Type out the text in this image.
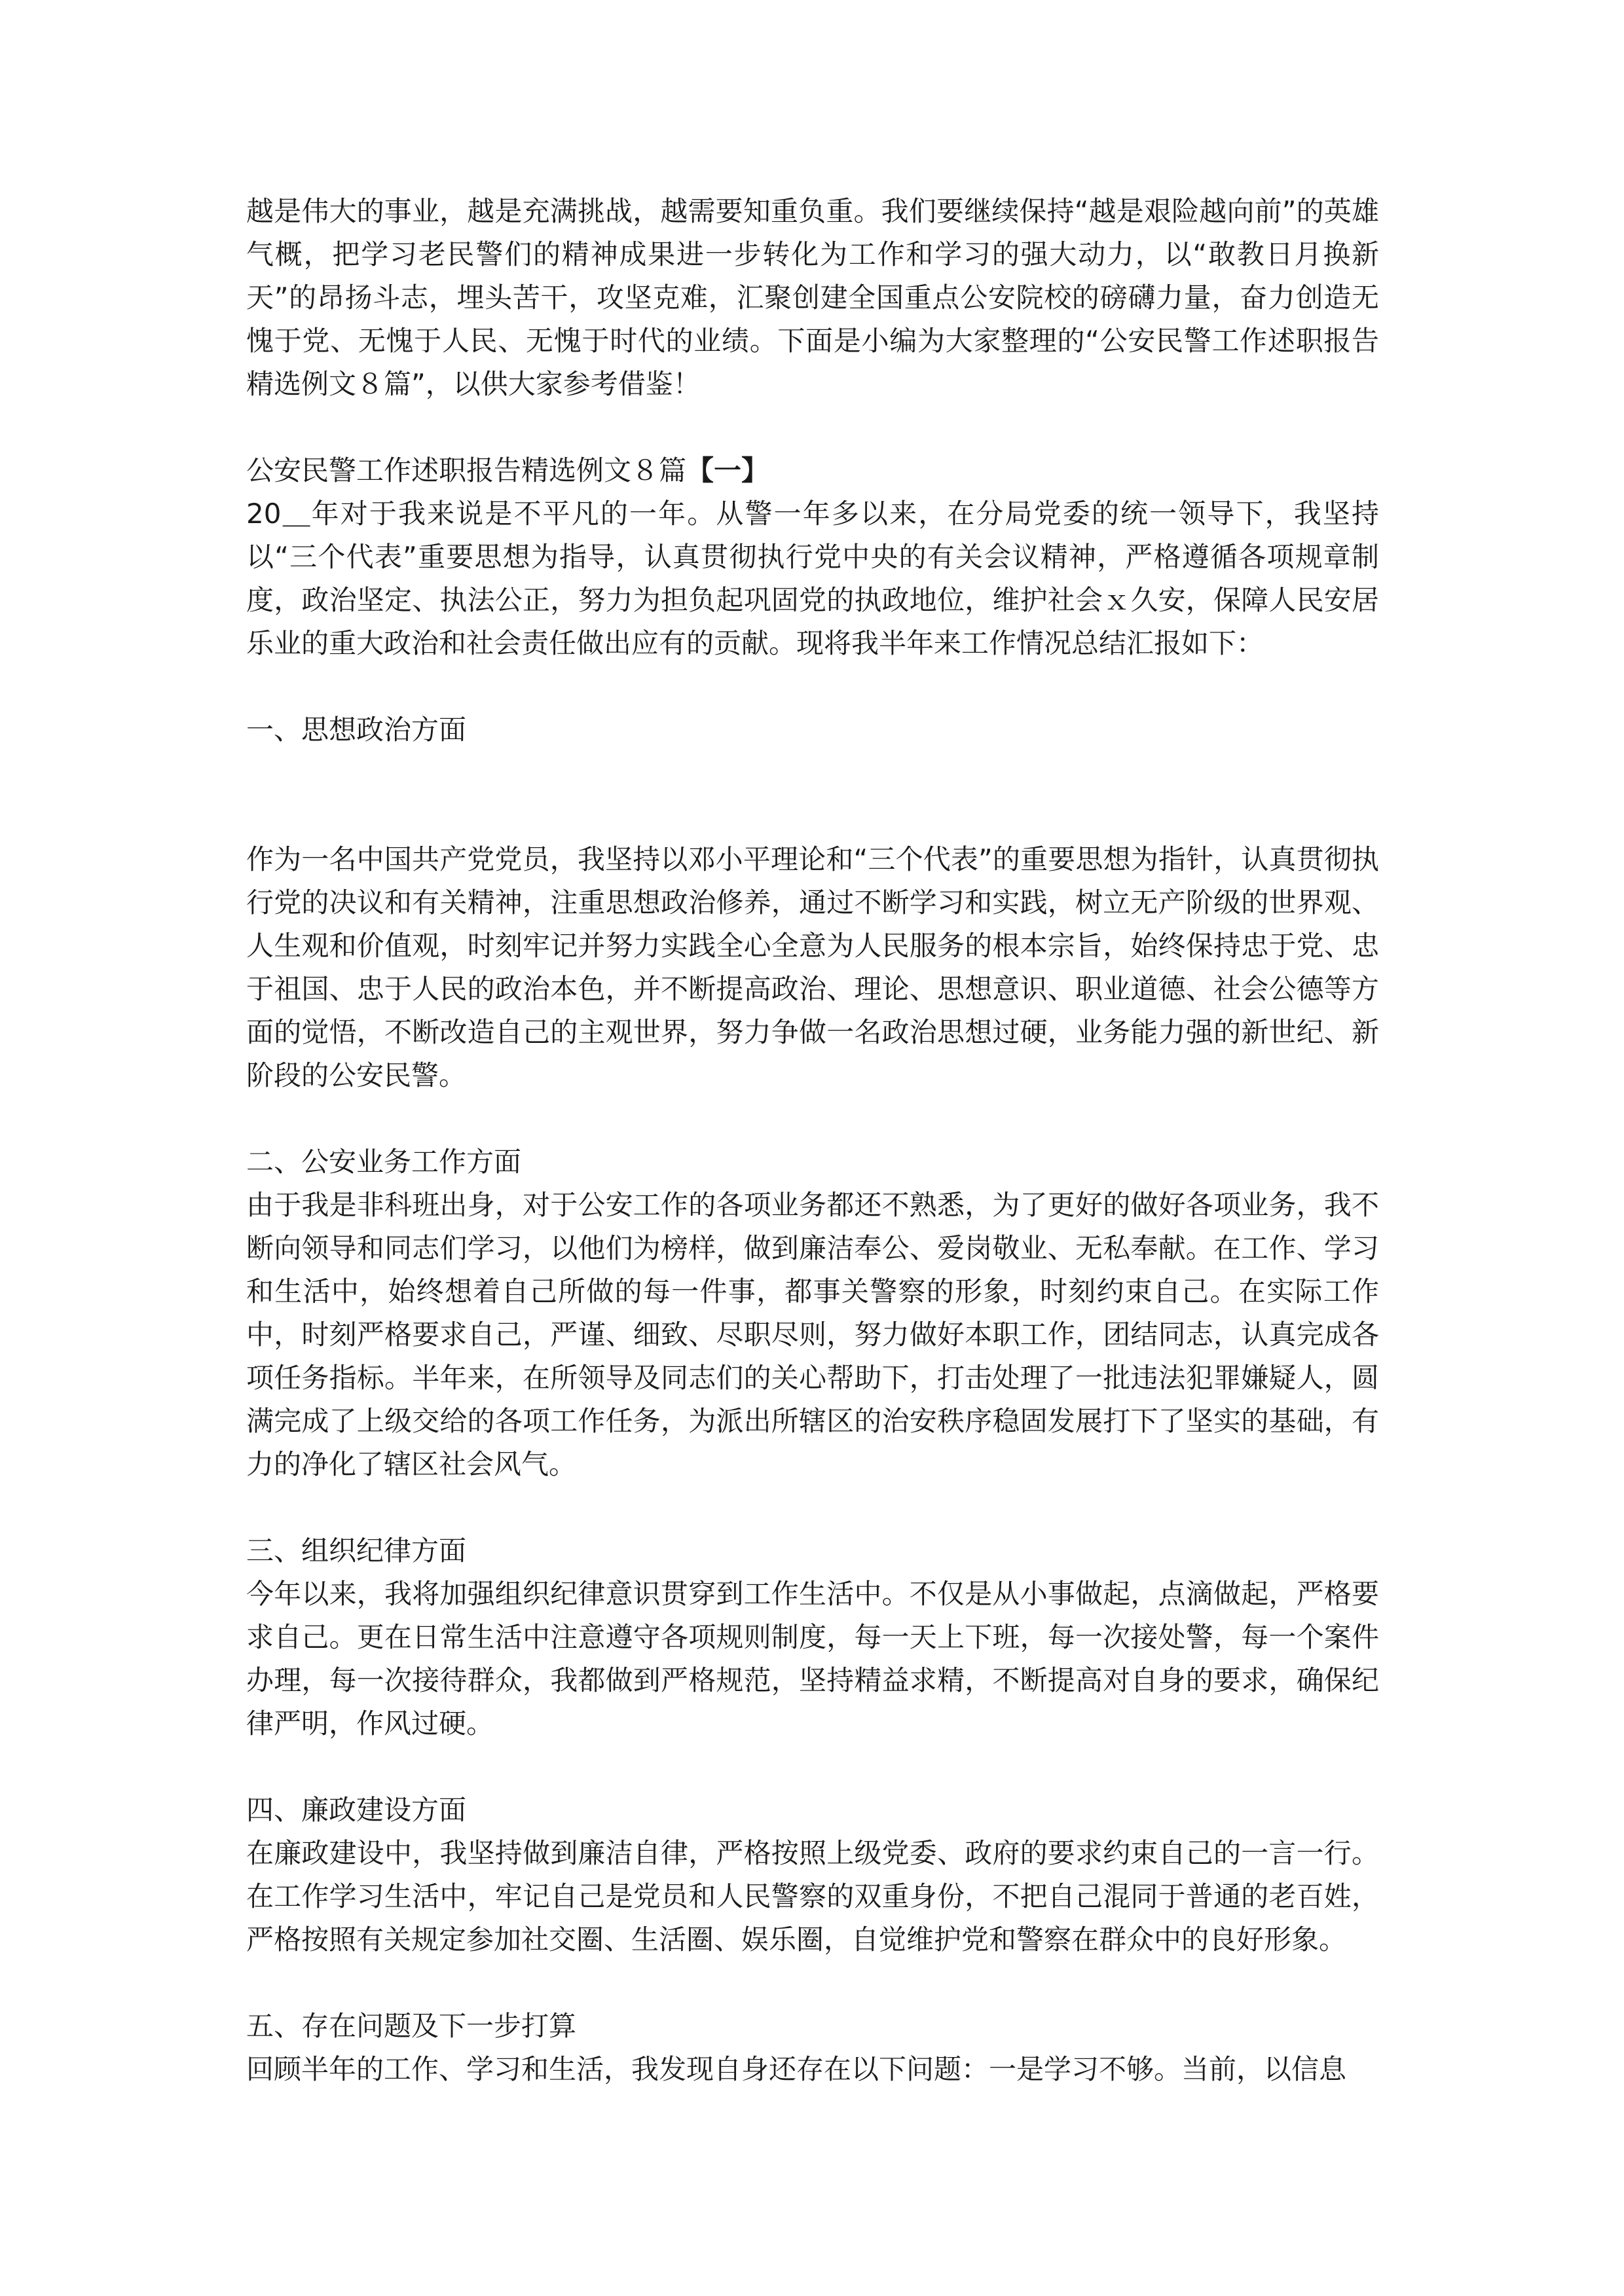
越是伟大的事业，越是充满挑战，越需要知重负重。我们要继续保持“越是艰险越向前”的英雄气概，把学习老民警们的精神成果进一步转化为工作和学习的强大动力，以“敢教日月换新天”的昂扬斗志，埋头苦干，攻坚克难，汇聚创建全国重点公安院校的磅礴力量，奋力创造无愧于党、无愧于人民、无愧于时代的业绩。下面是小编为大家整理的“公安民警工作述职报告精选例文８篇”，以供大家参考借鉴！

公安民警工作述职报告精选例文８篇【一】

20＿年对于我来说是不平凡的一年。从警一年多以来，在分局党委的统一领导下，我坚持以“三个代表”重要思想为指导，认真贯彻执行党中央的有关会议精神，严格遵循各项规章制度，政治坚定、执法公正，努力为担负起巩固党的执政地位，维护社会ｘ久安，保障人民安居乐业的重大政治和社会责任做出应有的贡献。现将我半年来工作情况总结汇报如下：

一、思想政治方面

作为一名中国共产党党员，我坚持以邓小平理论和“三个代表”的重要思想为指针，认真贯彻执行党的决议和有关精神，注重思想政治修养，通过不断学习和实践，树立无产阶级的世界观、人生观和价值观，时刻牢记并努力实践全心全意为人民服务的根本宗旨，始终保持忠于党、忠于祖国、忠于人民的政治本色，并不断提高政治、理论、思想意识、职业道德、社会公德等方面的觉悟，不断改造自己的主观世界，努力争做一名政治思想过硬，业务能力强的新世纪、新阶段的公安民警。

二、公安业务工作方面

由于我是非科班出身，对于公安工作的各项业务都还不熟悉，为了更好的做好各项业务，我不断向领导和同志们学习，以他们为榜样，做到廉洁奉公、爱岗敬业、无私奉献。在工作、学习和生活中，始终想着自己所做的每一件事，都事关警察的形象，时刻约束自己。在实际工作中，时刻严格要求自己，严谨、细致、尽职尽则，努力做好本职工作，团结同志，认真完成各项任务指标。半年来，在所领导及同志们的关心帮助下，打击处理了一批违法犯罪嫌疑人，圆满完成了上级交给的各项工作任务，为派出所辖区的治安秩序稳固发展打下了坚实的基础，有力的净化了辖区社会风气。

三、组织纪律方面

今年以来，我将加强组织纪律意识贯穿到工作生活中。不仅是从小事做起，点滴做起，严格要求自己。更在日常生活中注意遵守各项规则制度，每一天上下班，每一次接处警，每一个案件办理，每一次接待群众，我都做到严格规范，坚持精益求精，不断提高对自身的要求，确保纪律严明，作风过硬。

四、廉政建设方面

在廉政建设中，我坚持做到廉洁自律，严格按照上级党委、政府的要求约束自己的一言一行。在工作学习生活中，牢记自己是党员和人民警察的双重身份，不把自己混同于普通的老百姓，严格按照有关规定参加社交圈、生活圈、娱乐圈，自觉维护党和警察在群众中的良好形象。

五、存在问题及下一步打算

回顾半年的工作、学习和生活，我发现自身还存在以下问题：一是学习不够。当前，以信息
